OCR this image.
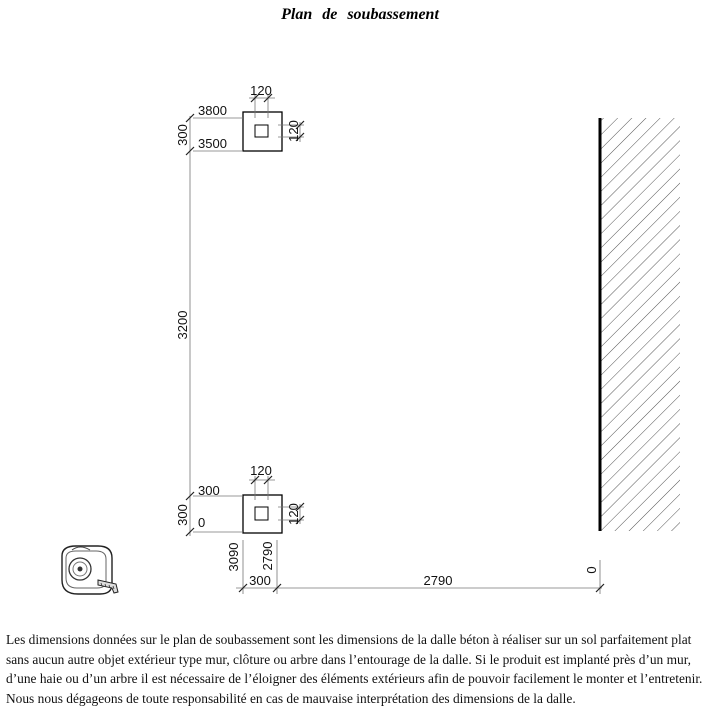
Plan de soubassement
120
120
3800
3500
300
3200
120
120
300
0
300
3090 2790
300	2790
0

Les dimensions données sur le plan de soubassement sont les dimensions de la dalle béton à réaliser sur un sol parfaitement plat sans aucun autre objet extérieur type mur, clôture ou arbre dans l’entourage de la dalle. Si le produit est implanté près d’un mur, d’une haie ou d’un arbre il est nécessaire de l’éloigner des éléments extérieurs afin de pouvoir facilement le monter et l’entretenir. Nous nous dégageons de toute responsabilité en cas de mauvaise interprétation des dimensions de la dalle.
